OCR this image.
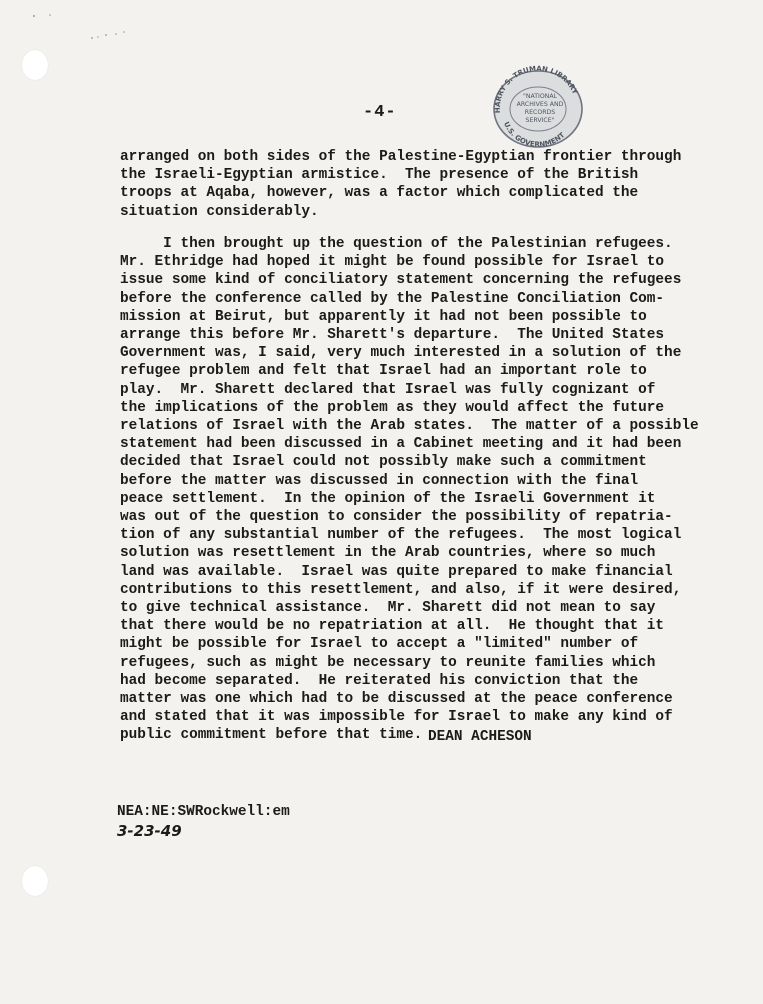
HARRY S. TRUMAN LIBRARY
U.S. GOVERNMENT
"NATIONAL
ARCHIVES AND
RECORDS
SERVICE"
-4-
arranged on both sides of the Palestine-Egyptian frontier through
the Israeli-Egyptian armistice.  The presence of the British
troops at Aqaba, however, was a factor which complicated the
situation considerably.
I then brought up the question of the Palestinian refugees.
Mr. Ethridge had hoped it might be found possible for Israel to
issue some kind of conciliatory statement concerning the refugees
before the conference called by the Palestine Conciliation Com-
mission at Beirut, but apparently it had not been possible to
arrange this before Mr. Sharett's departure.  The United States
Government was, I said, very much interested in a solution of the
refugee problem and felt that Israel had an important role to
play.  Mr. Sharett declared that Israel was fully cognizant of
the implications of the problem as they would affect the future
relations of Israel with the Arab states.  The matter of a possible
statement had been discussed in a Cabinet meeting and it had been
decided that Israel could not possibly make such a commitment
before the matter was discussed in connection with the final
peace settlement.  In the opinion of the Israeli Government it
was out of the question to consider the possibility of repatria-
tion of any substantial number of the refugees.  The most logical
solution was resettlement in the Arab countries, where so much
land was available.  Israel was quite prepared to make financial
contributions to this resettlement, and also, if it were desired,
to give technical assistance.  Mr. Sharett did not mean to say
that there would be no repatriation at all.  He thought that it
might be possible for Israel to accept a "limited" number of
refugees, such as might be necessary to reunite families which
had become separated.  He reiterated his conviction that the
matter was one which had to be discussed at the peace conference
and stated that it was impossible for Israel to make any kind of
public commitment before that time. DEAN ACHESON
NEA:NE:SWRockwell:em
3-23-49
